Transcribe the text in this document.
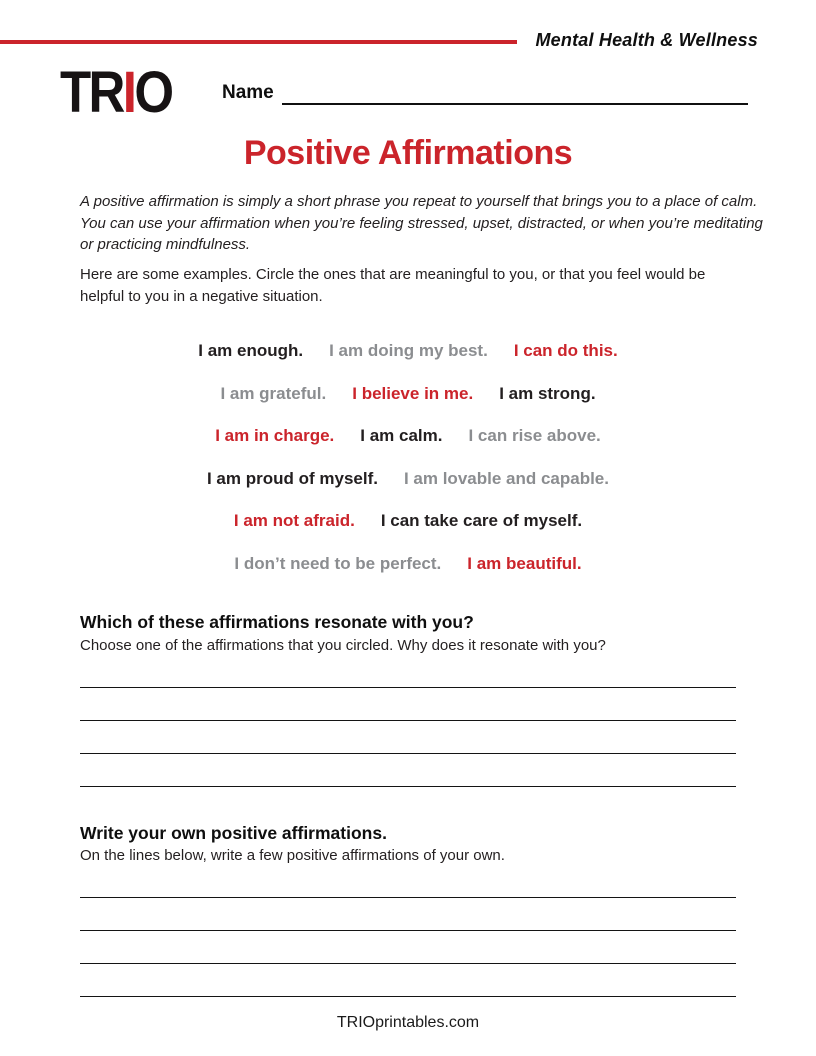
Mental Health & Wellness
TRIO	Name
Positive Affirmations
A positive affirmation is simply a short phrase you repeat to yourself that brings you to a place of calm.
You can use your affirmation when you’re feeling stressed, upset, distracted, or when you’re meditating
or practicing mindfulness.
Here are some examples. Circle the ones that are meaningful to you, or that you feel would be
helpful to you in a negative situation.
I am enough. I am doing my best. I can do this.
I am grateful. I believe in me. I am strong.
I am in charge. I am calm. I can rise above.
I am proud of myself. I am lovable and capable.
I am not afraid. I can take care of myself.
I don’t need to be perfect. I am beautiful.
Which of these affirmations resonate with you?
Choose one of the affirmations that you circled. Why does it resonate with you?
Write your own positive affirmations.
On the lines below, write a few positive affirmations of your own.
TRIOprintables.com
